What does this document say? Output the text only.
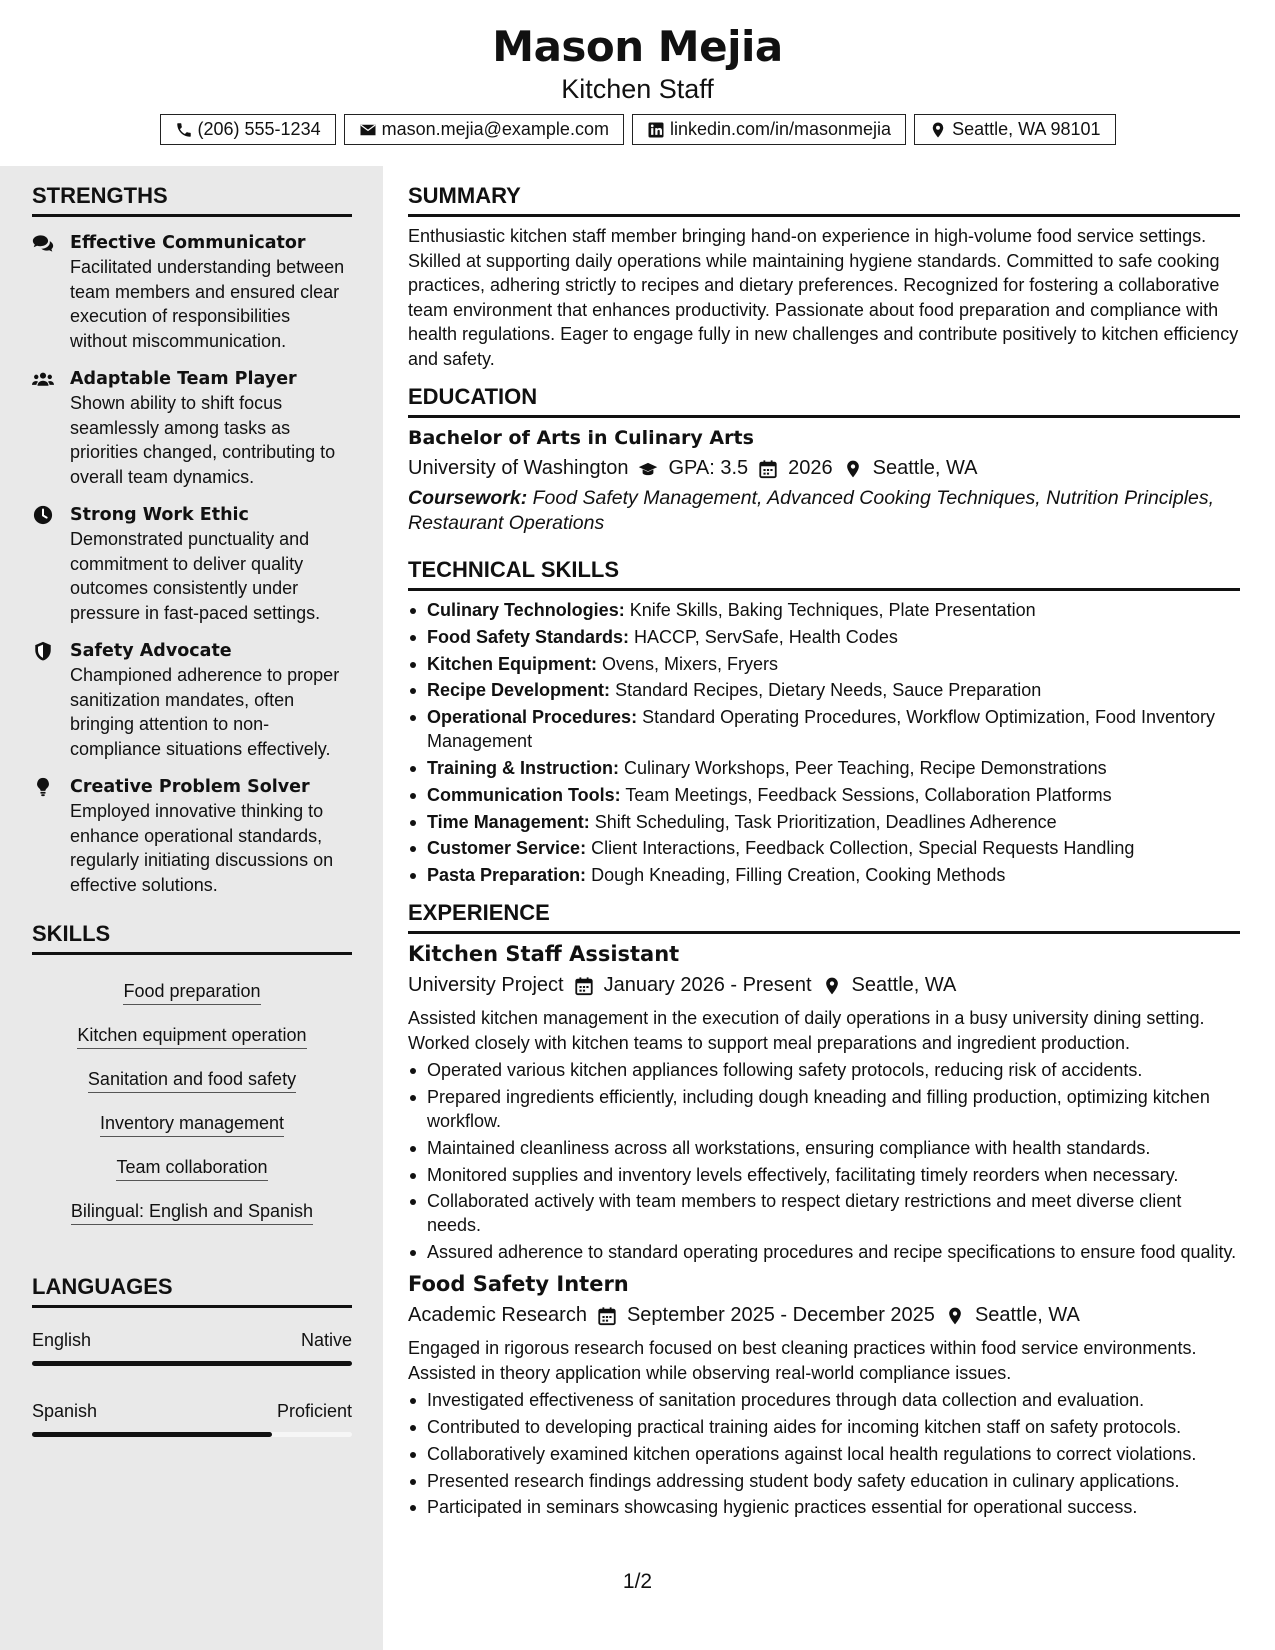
Mason Mejia
Kitchen Staff
(206) 555-1234	mason.mejia@example.com	linkedin.com/in/masonmejia	Seattle, WA 98101
STRENGTHS
Effective Communicator
Facilitated understanding between team members and ensured clear execution of responsibilities without miscommunication.
Adaptable Team Player
Shown ability to shift focus seamlessly among tasks as priorities changed, contributing to overall team dynamics.
Strong Work Ethic
Demonstrated punctuality and commitment to deliver quality outcomes consistently under pressure in fast-paced settings.
Safety Advocate
Championed adherence to proper sanitization mandates, often bringing attention to non-compliance situations effectively.
Creative Problem Solver
Employed innovative thinking to enhance operational standards, regularly initiating discussions on effective solutions.
SKILLS
Food preparation
Kitchen equipment operation
Sanitation and food safety
Inventory management
Team collaboration
Bilingual: English and Spanish
LANGUAGES
English	Native
Spanish	Proficient
SUMMARY
Enthusiastic kitchen staff member bringing hand-on experience in high-volume food service settings. Skilled at supporting daily operations while maintaining hygiene standards. Committed to safe cooking practices, adhering strictly to recipes and dietary preferences. Recognized for fostering a collaborative team environment that enhances productivity. Passionate about food preparation and compliance with health regulations. Eager to engage fully in new challenges and contribute positively to kitchen efficiency and safety.
EDUCATION
Bachelor of Arts in Culinary Arts
University of Washington GPA: 3.5 2026 Seattle, WA
Coursework: Food Safety Management, Advanced Cooking Techniques, Nutrition Principles, Restaurant Operations
TECHNICAL SKILLS
Culinary Technologies: Knife Skills, Baking Techniques, Plate Presentation
Food Safety Standards: HACCP, ServSafe, Health Codes
Kitchen Equipment: Ovens, Mixers, Fryers
Recipe Development: Standard Recipes, Dietary Needs, Sauce Preparation
Operational Procedures: Standard Operating Procedures, Workflow Optimization, Food Inventory Management
Training & Instruction: Culinary Workshops, Peer Teaching, Recipe Demonstrations
Communication Tools: Team Meetings, Feedback Sessions, Collaboration Platforms
Time Management: Shift Scheduling, Task Prioritization, Deadlines Adherence
Customer Service: Client Interactions, Feedback Collection, Special Requests Handling
Pasta Preparation: Dough Kneading, Filling Creation, Cooking Methods
EXPERIENCE
Kitchen Staff Assistant
University Project January 2026 - Present Seattle, WA
Assisted kitchen management in the execution of daily operations in a busy university dining setting. Worked closely with kitchen teams to support meal preparations and ingredient production.
Operated various kitchen appliances following safety protocols, reducing risk of accidents.
Prepared ingredients efficiently, including dough kneading and filling production, optimizing kitchen workflow.
Maintained cleanliness across all workstations, ensuring compliance with health standards.
Monitored supplies and inventory levels effectively, facilitating timely reorders when necessary.
Collaborated actively with team members to respect dietary restrictions and meet diverse client needs.
Assured adherence to standard operating procedures and recipe specifications to ensure food quality.
Food Safety Intern
Academic Research September 2025 - December 2025 Seattle, WA
Engaged in rigorous research focused on best cleaning practices within food service environments. Assisted in theory application while observing real-world compliance issues.
Investigated effectiveness of sanitation procedures through data collection and evaluation.
Contributed to developing practical training aides for incoming kitchen staff on safety protocols.
Collaboratively examined kitchen operations against local health regulations to correct violations.
Presented research findings addressing student body safety education in culinary applications.
Participated in seminars showcasing hygienic practices essential for operational success.
1/2
